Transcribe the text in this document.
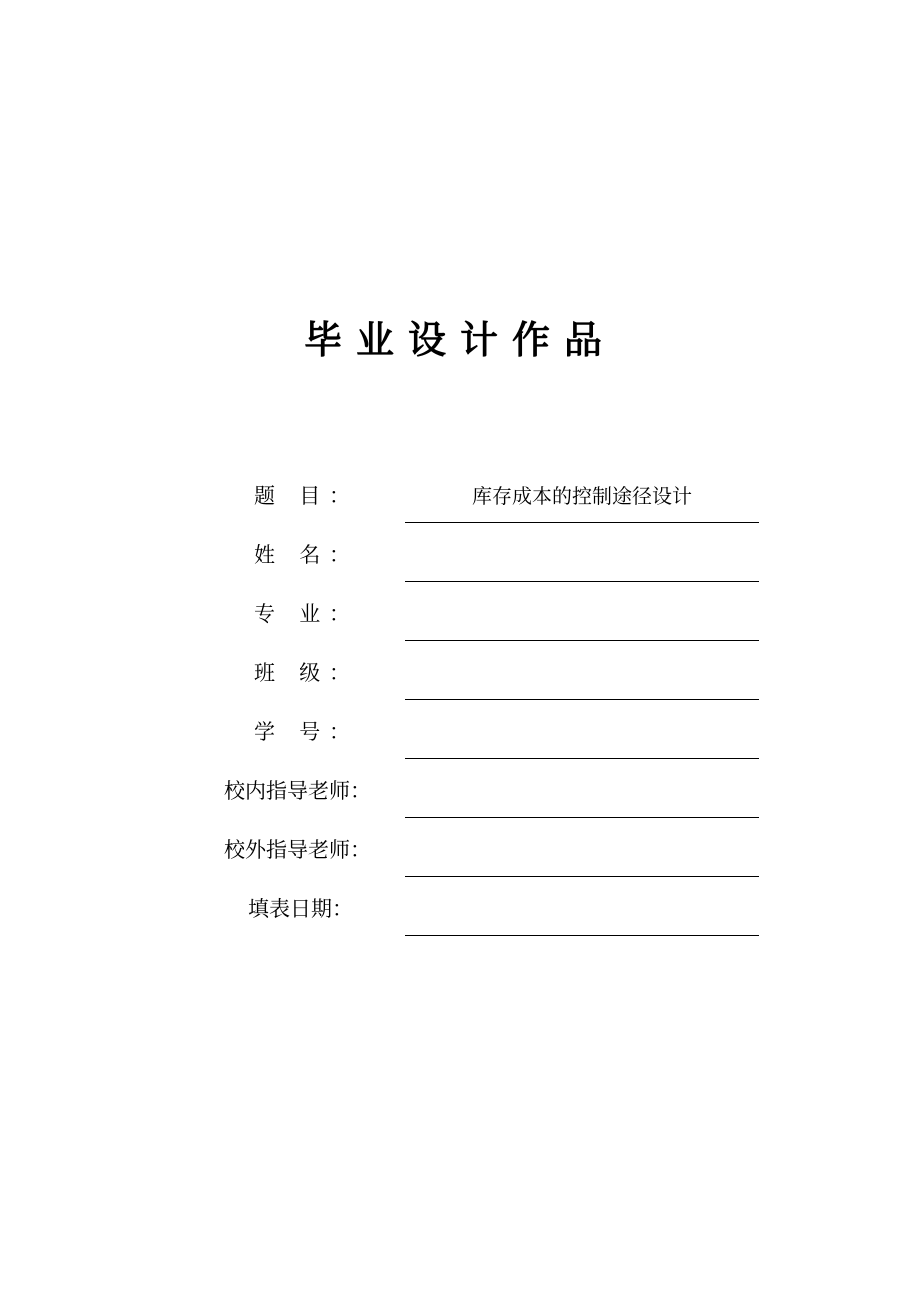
毕业设计作品
题 目：	库存成本的控制途径设计
姓 名：
专 业：
班 级：
学 号：
校内指导老师：
校外指导老师：
填表日期：
